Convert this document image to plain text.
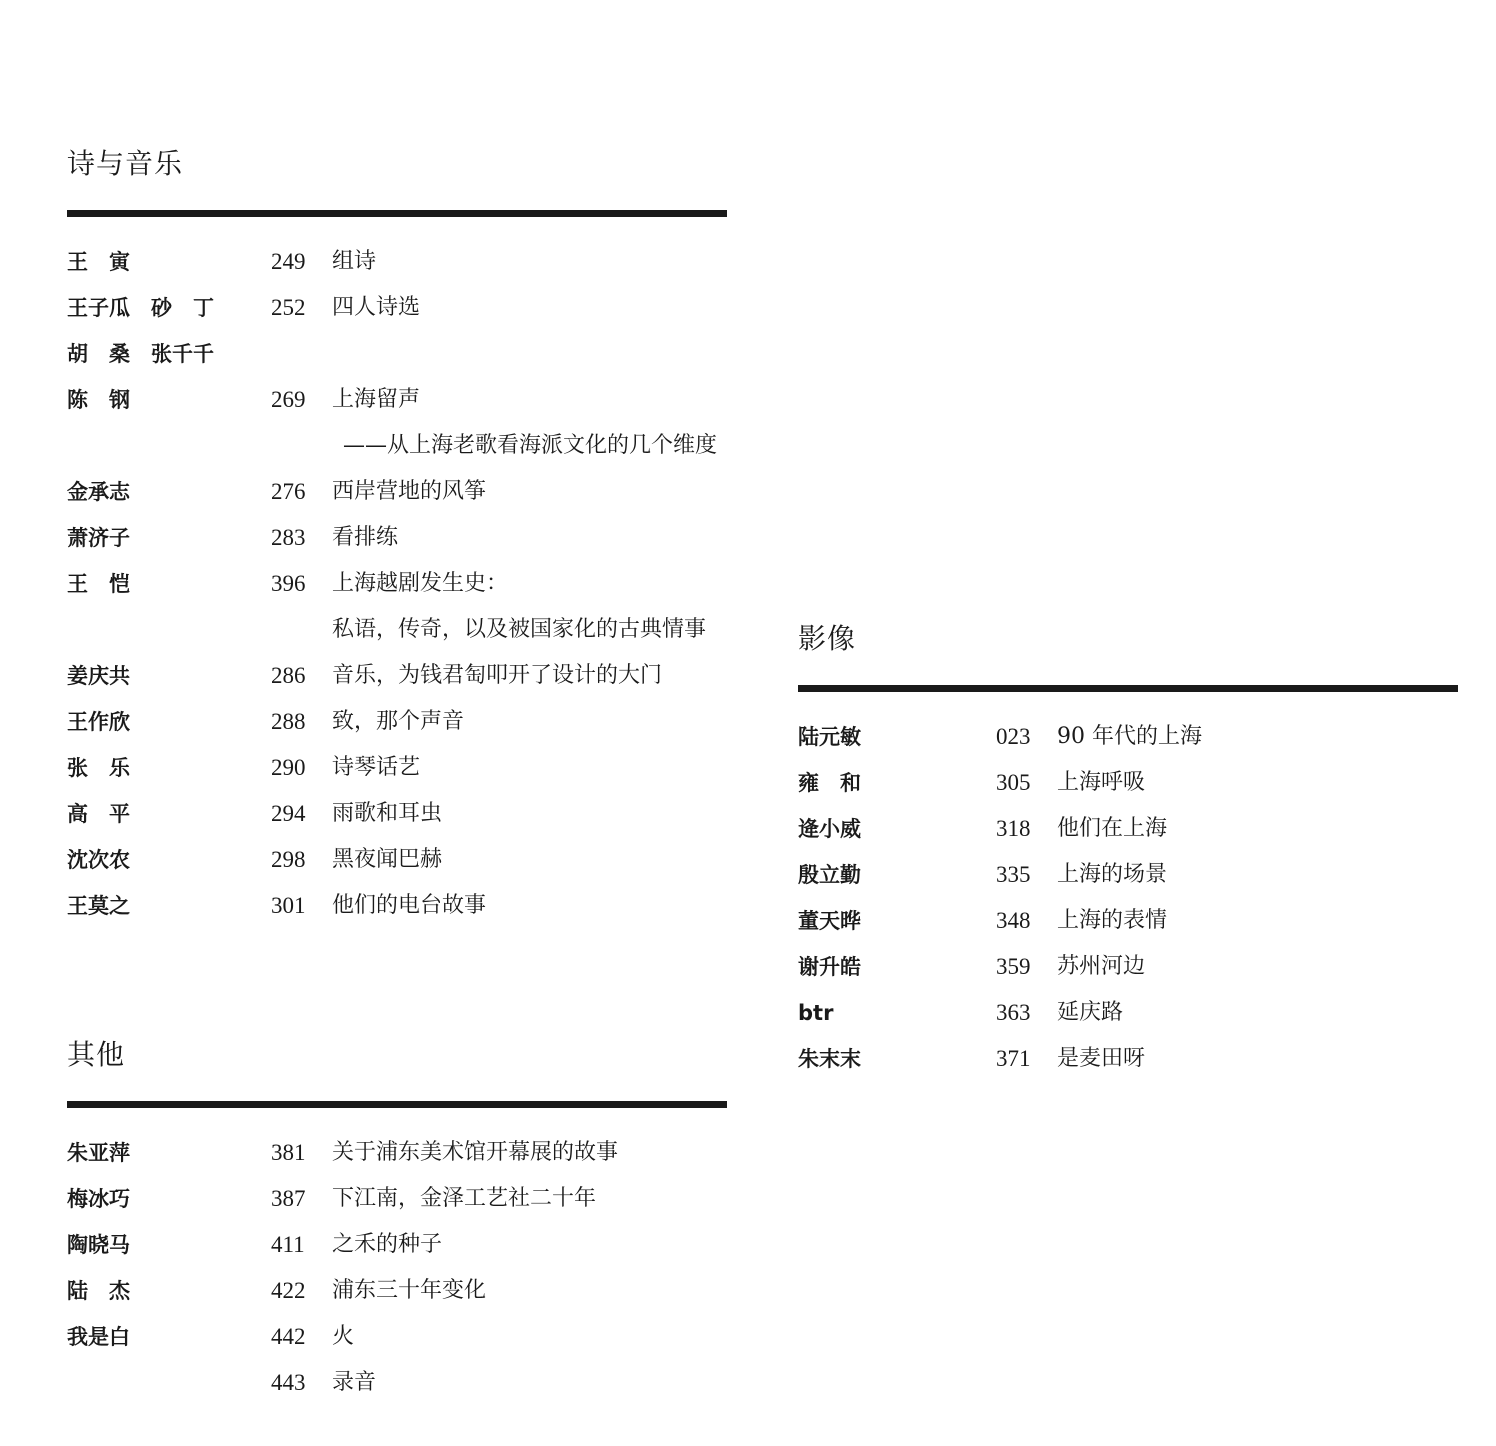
诗与音乐
王　寅	249 组诗
王子瓜　砂　丁 252 四人诗选
胡　桑　张千千
陈　钢	269 上海留声
——从上海老歌看海派文化的几个维度
金承志	276 西岸营地的风筝
萧济子	283 看排练
王　恺	396 上海越剧发生史：
私语，传奇，以及被国家化的古典情事
姜庆共	286 音乐，为钱君匋叩开了设计的大门
王作欣	288 致，那个声音
张　乐	290 诗琴话艺
高　平	294 雨歌和耳虫
沈次农	298 黑夜闻巴赫
王莫之	301 他们的电台故事
其他
朱亚萍	381 关于浦东美术馆开幕展的故事
梅冰巧	387 下江南，金泽工艺社二十年
陶晓马	411 之禾的种子
陆　杰	422 浦东三十年变化
我是白	442 火
443 录音
影像
陆元敏	023 90 年代的上海
雍　和	305 上海呼吸
逄小威	318 他们在上海
殷立勤	335 上海的场景
董天晔	348 上海的表情
谢升皓	359 苏州河边
btr	363 延庆路
朱末末	371 是麦田呀
